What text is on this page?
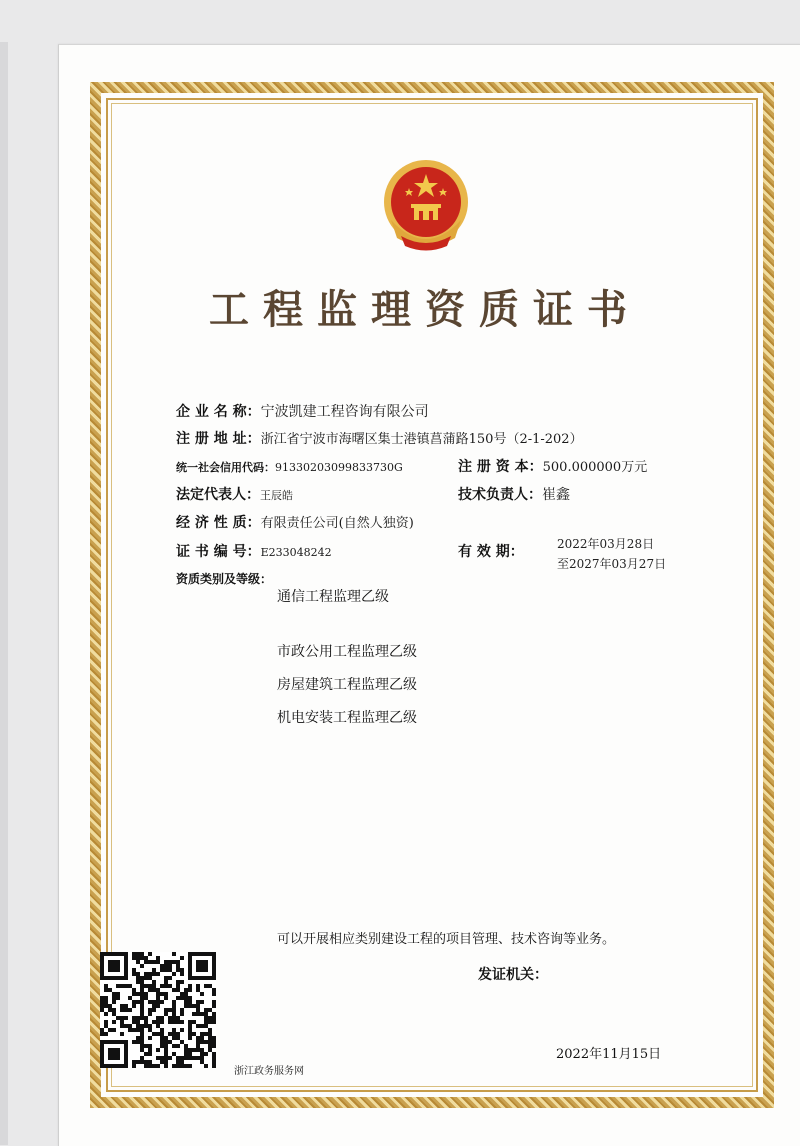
工程监理资质证书
企 业 名 称：宁波凯建工程咨询有限公司
注 册 地 址：浙江省宁波市海曙区集士港镇菖蒲路150号（2-1-202）
统一社会信用代码：91330203099833730G	注 册 资 本：500.000000万元
法定代表人：王辰皓	技术负责人：崔鑫
经 济 性 质：有限责任公司(自然人独资)
证 书 编 号：E233048242	有 效 期：	2022年03月28日
至2027年03月27日
资质类别及等级：
通信工程监理乙级
市政公用工程监理乙级
房屋建筑工程监理乙级
机电安装工程监理乙级
可以开展相应类别建设工程的项目管理、技术咨询等业务。
发证机关：
2022年11月15日
浙江政务服务网
